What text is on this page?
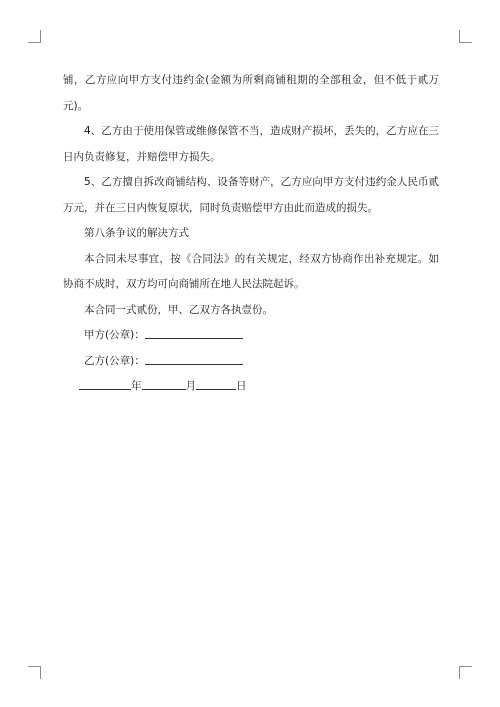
铺，乙方应向甲方支付违约金(金额为所剩商铺租期的全部租金，但不低于贰万元)。

4、乙方由于使用保管或维修保管不当，造成财产损坏，丢失的，乙方应在三日内负责修复，并赔偿甲方损失。

5、乙方擅自拆改商铺结构、设备等财产，乙方应向甲方支付违约金人民币贰万元，并在三日内恢复原状，同时负责赔偿甲方由此而造成的损失。

第八条争议的解决方式

本合同未尽事宜，按《合同法》的有关规定，经双方协商作出补充规定。如协商不成时，双方均可向商铺所在地人民法院起诉。

本合同一式贰份，甲、乙双方各执壹份。

甲方(公章)：

乙方(公章)：

年	月	日
